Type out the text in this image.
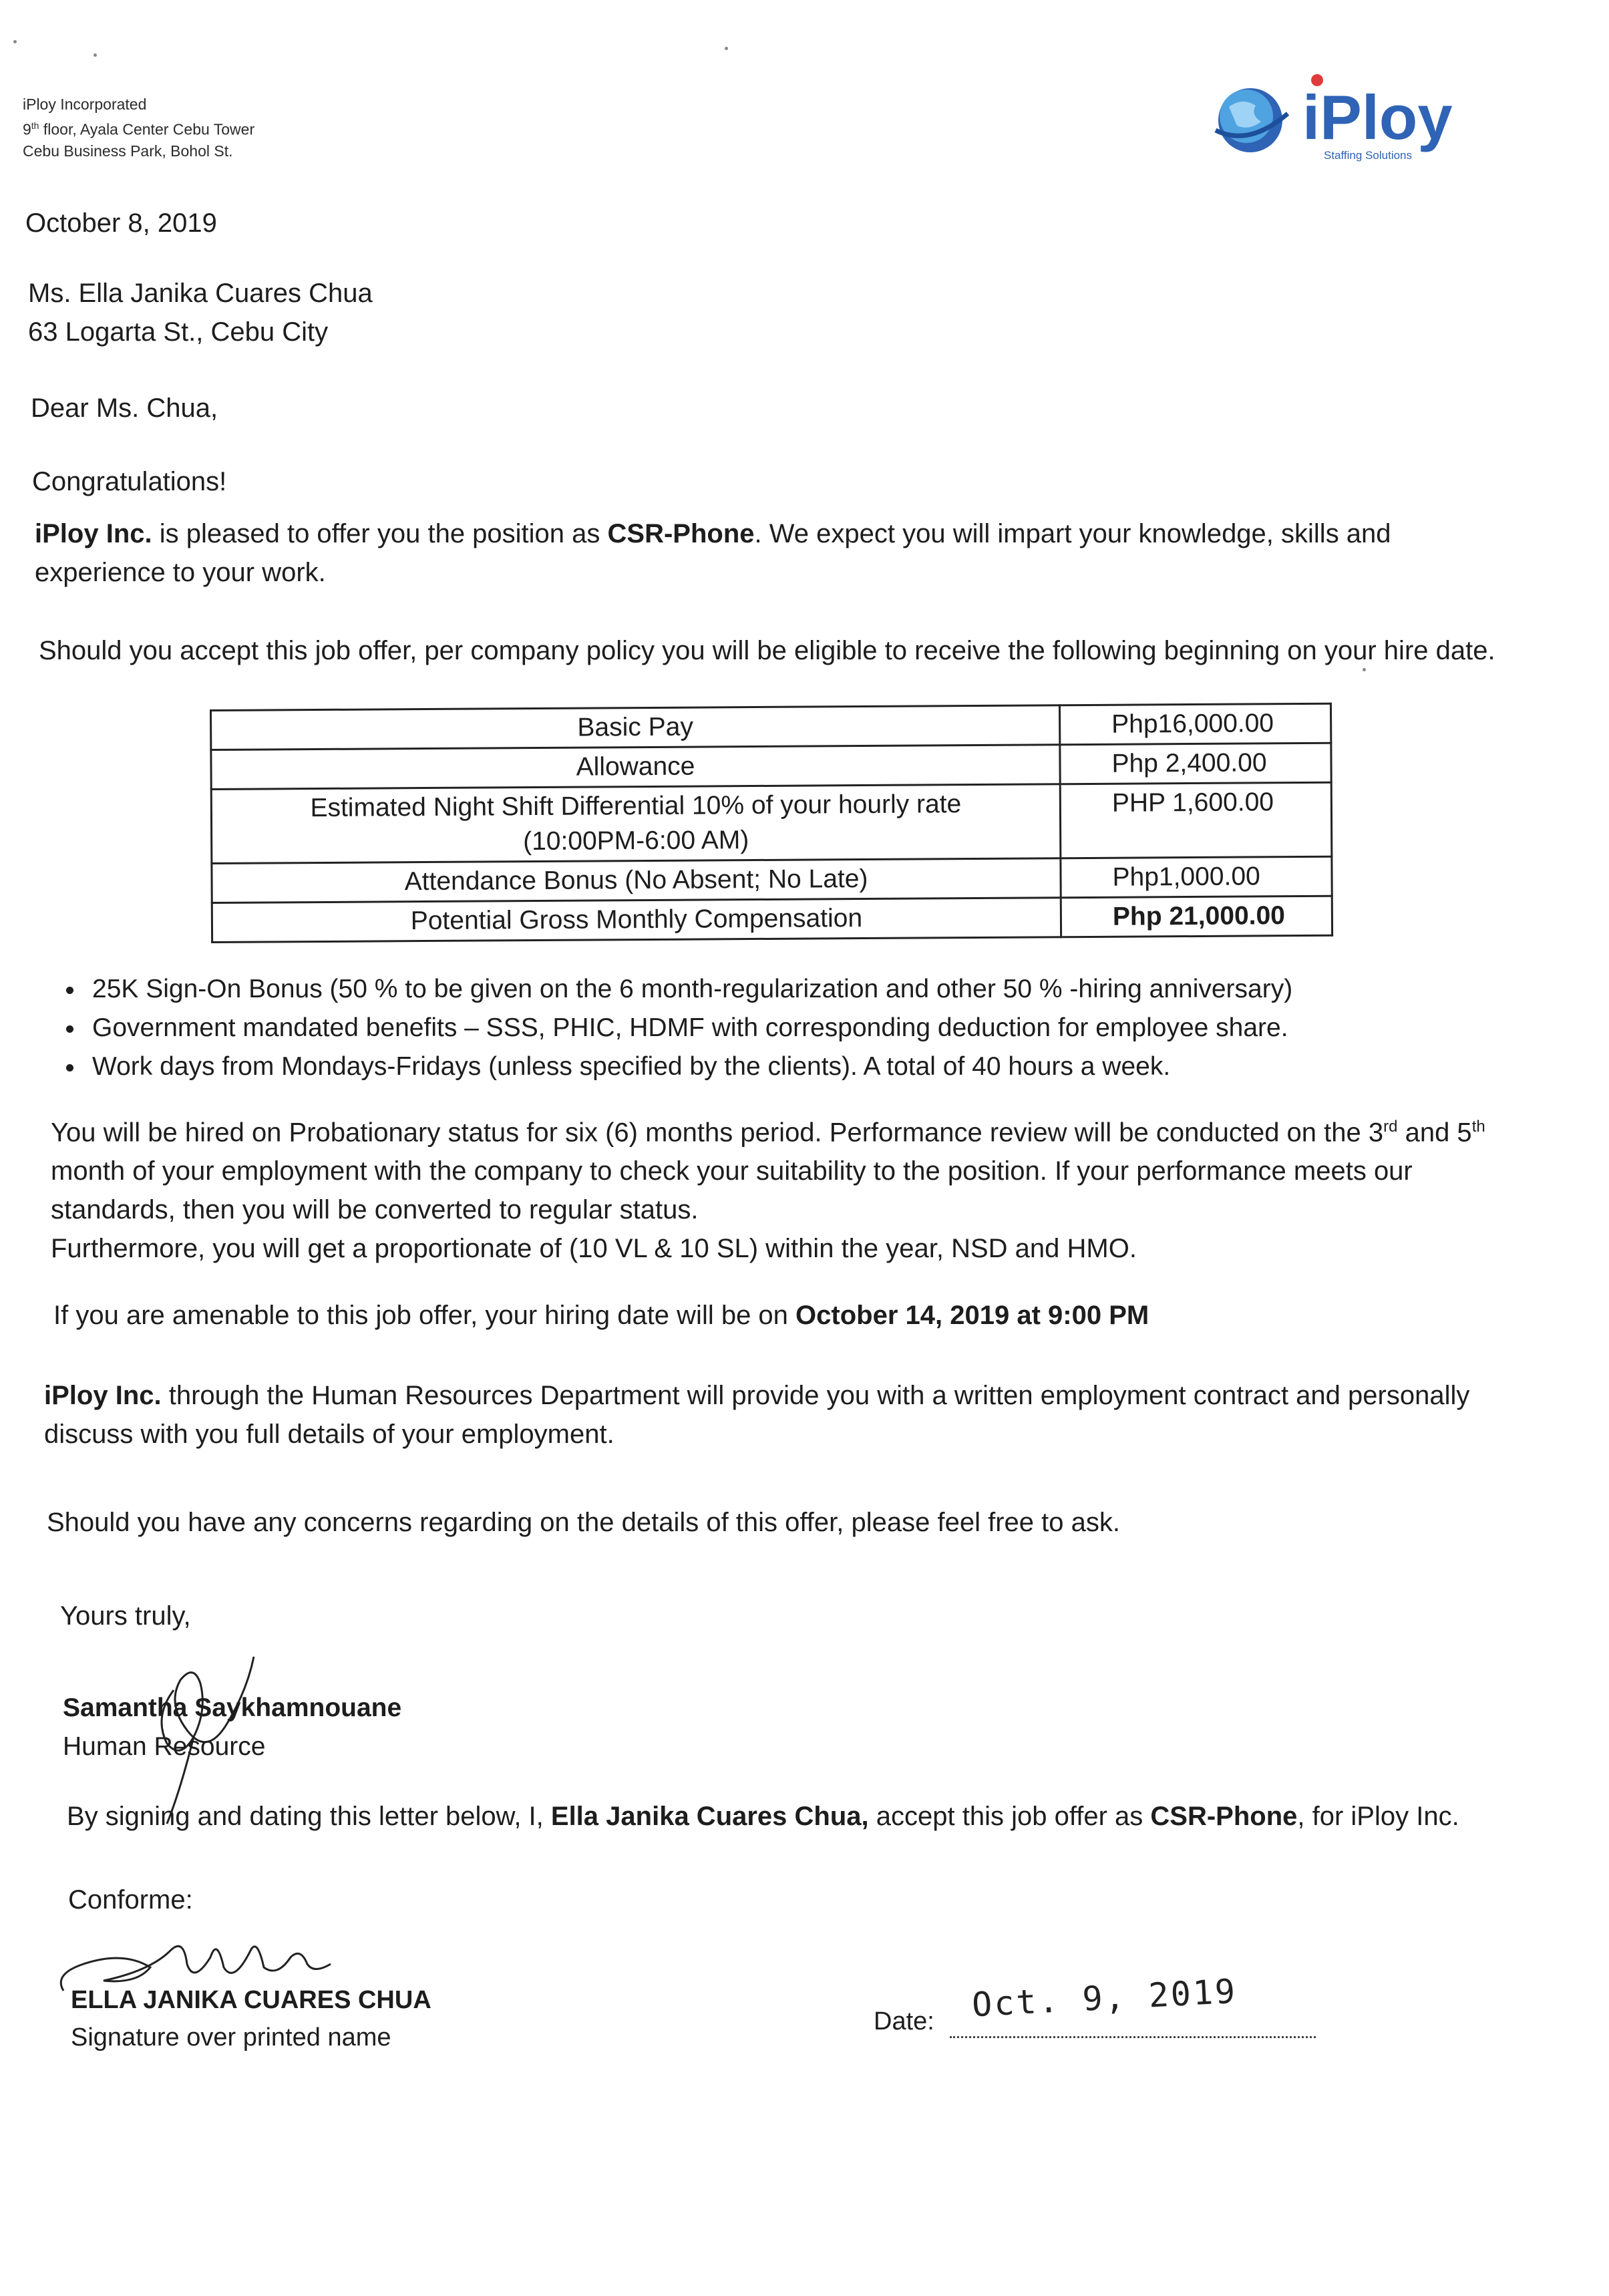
iPloy Incorporated
9th floor, Ayala Center Cebu Tower
Cebu Business Park, Bohol St.	iPloy
Staffing Solutions
October 8, 2019
Ms. Ella Janika Cuares Chua
63 Logarta St., Cebu City
Dear Ms. Chua,
Congratulations!
iPloy Inc. is pleased to offer you the position as CSR-Phone. We expect you will impart your knowledge, skills and experience to your work.
Should you accept this job offer, per company policy you will be eligible to receive the following beginning on your hire date.
Basic Pay	Php16,000.00
Allowance	Php 2,400.00

Estimated Night Shift Differential 10% of your hourly rate
(10:00PM-6:00 AM)	PHP 1,600.00
Attendance Bonus (No Absent; No Late)	Php1,000.00
Potential Gross Monthly Compensation	Php 21,000.00
• 25K Sign-On Bonus (50 % to be given on the 6 month-regularization and other 50 % -hiring anniversary)
• Government mandated benefits – SSS, PHIC, HDMF with corresponding deduction for employee share.
• Work days from Mondays-Fridays (unless specified by the clients). A total of 40 hours a week.
You will be hired on Probationary status for six (6) months period. Performance review will be conducted on the 3rd and 5th month of your employment with the company to check your suitability to the position. If your performance meets our standards, then you will be converted to regular status.
Furthermore, you will get a proportionate of (10 VL & 10 SL) within the year, NSD and HMO.
If you are amenable to this job offer, your hiring date will be on October 14, 2019 at 9:00 PM
iPloy Inc. through the Human Resources Department will provide you with a written employment contract and personally discuss with you full details of your employment.
Should you have any concerns regarding on the details of this offer, please feel free to ask.
Yours truly,
Samantha Saykhamnouane
Human Resource
By signing and dating this letter below, I, Ella Janika Cuares Chua, accept this job offer as CSR-Phone, for iPloy Inc.
Conforme:
ELLA JANIKA CUARES CHUA
Signature over printed name
Date: Oct. 9, 2019
